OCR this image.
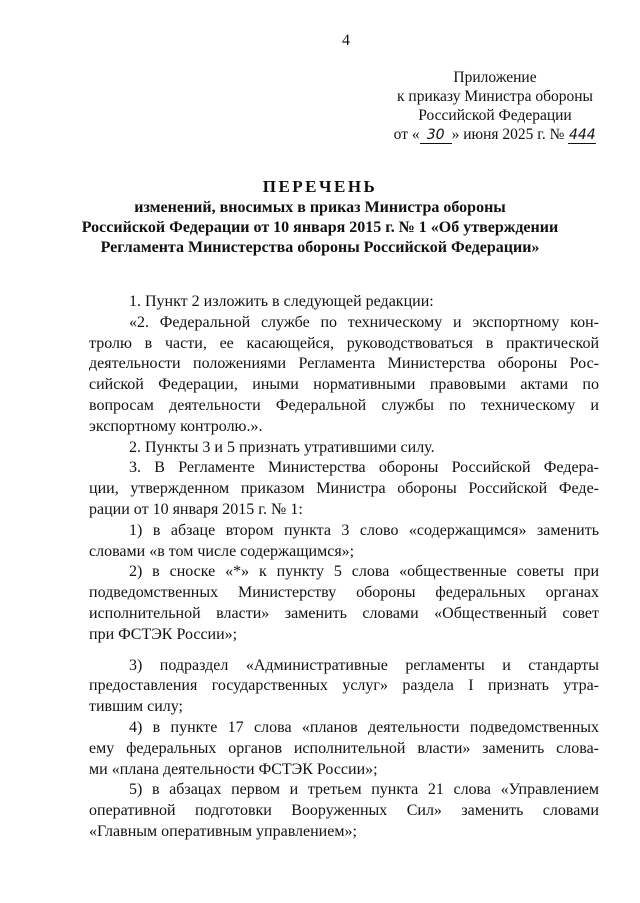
4
Приложение
к приказу Министра обороны
Российской Федерации
от « 30 » июня 2025 г. № 444
ПЕРЕЧЕНЬ
изменений, вносимых в приказ Министра обороны
Российской Федерации от 10 января 2015 г. № 1 «Об утверждении
Регламента Министерства обороны Российской Федерации»

1. Пункт 2 изложить в следующей редакции:

«2. Федеральной службе по техническому и экспортному кон-

тролю в части, ее касающейся, руководствоваться в практической

деятельности положениями Регламента Министерства обороны Рос-

сийской Федерации, иными нормативными правовыми актами по

вопросам деятельности Федеральной службы по техническому и

экспортному контролю.».

2. Пункты 3 и 5 признать утратившими силу.

3. В Регламенте Министерства обороны Российской Федера-

ции, утвержденном приказом Министра обороны Российской Феде-

рации от 10 января 2015 г. № 1:

1) в абзаце втором пункта 3 слово «содержащимся» заменить

словами «в том числе содержащимся»;

2) в сноске «*» к пункту 5 слова «общественные советы при

подведомственных Министерству обороны федеральных органах

исполнительной власти» заменить словами «Общественный совет

при ФСТЭК России»;

3) подраздел «Административные регламенты и стандарты

предоставления государственных услуг» раздела I признать утра-

тившим силу;

4) в пункте 17 слова «планов деятельности подведомственных

ему федеральных органов исполнительной власти» заменить слова-

ми «плана деятельности ФСТЭК России»;

5) в абзацах первом и третьем пункта 21 слова «Управлением

оперативной подготовки Вооруженных Сил» заменить словами

«Главным оперативным управлением»;
